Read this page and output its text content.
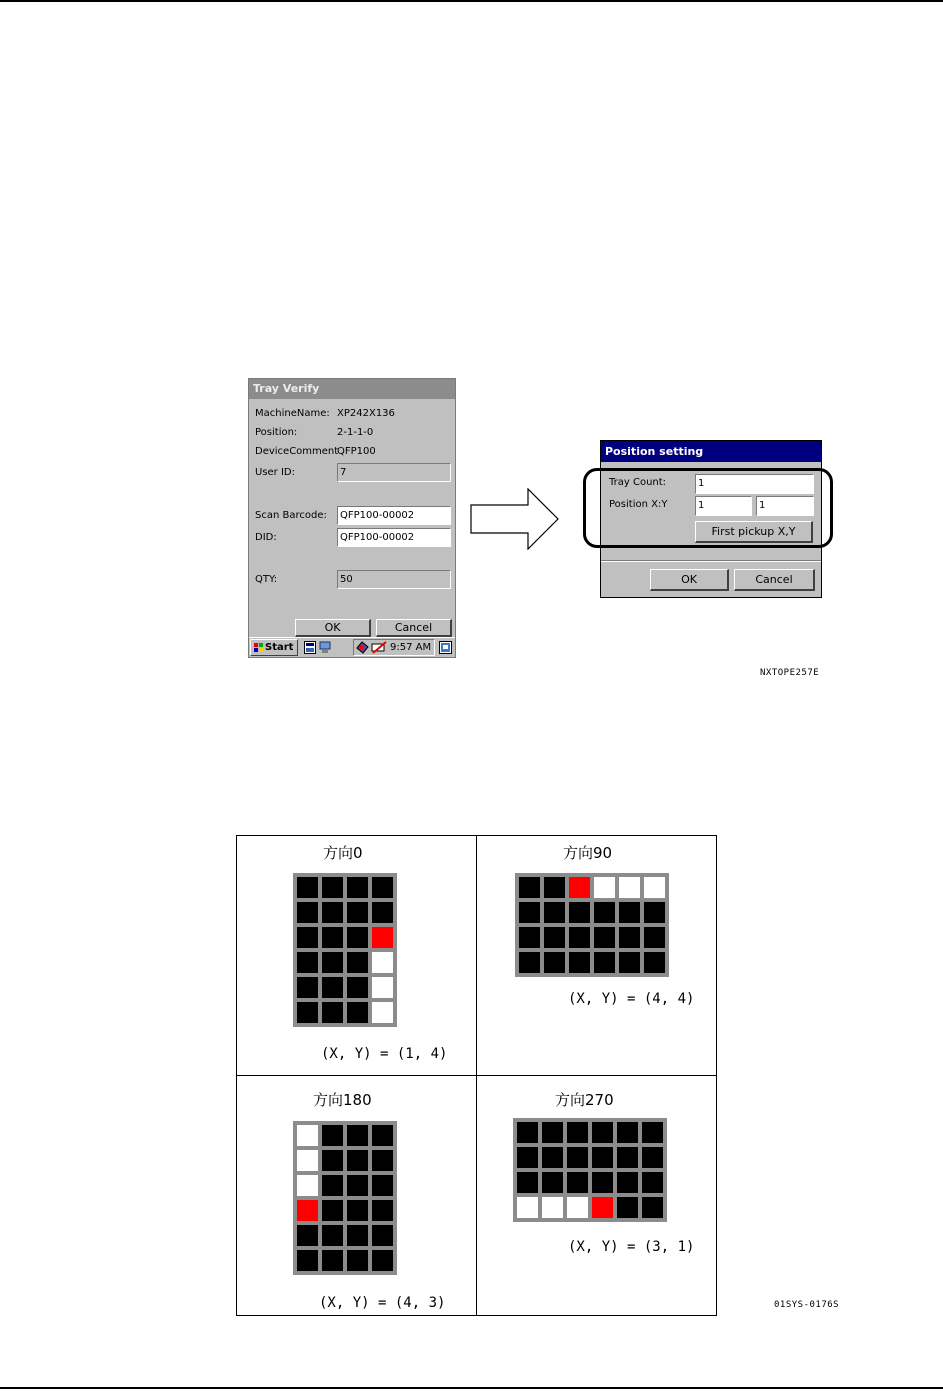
Tray Verify
MachineName: XP242X136
Position:	2-1-1-0
DeviceComment
QFP100
User ID:	7
Scan Barcode:	QFP100-00002
DID:	QFP100-00002
QTY:	50
OK	Cancel
Start	9:57 AM
Position setting
Tray Count:	1
Position X:Y	1	1
First pickup X,Y
OK	Cancel
NXTOPE257E
方向0
(X, Y) = (1, 4)
方向90
(X, Y) = (4, 4)
方向180
(X, Y) = (4, 3)
方向270
(X, Y) = (3, 1)
01SYS-0176S
